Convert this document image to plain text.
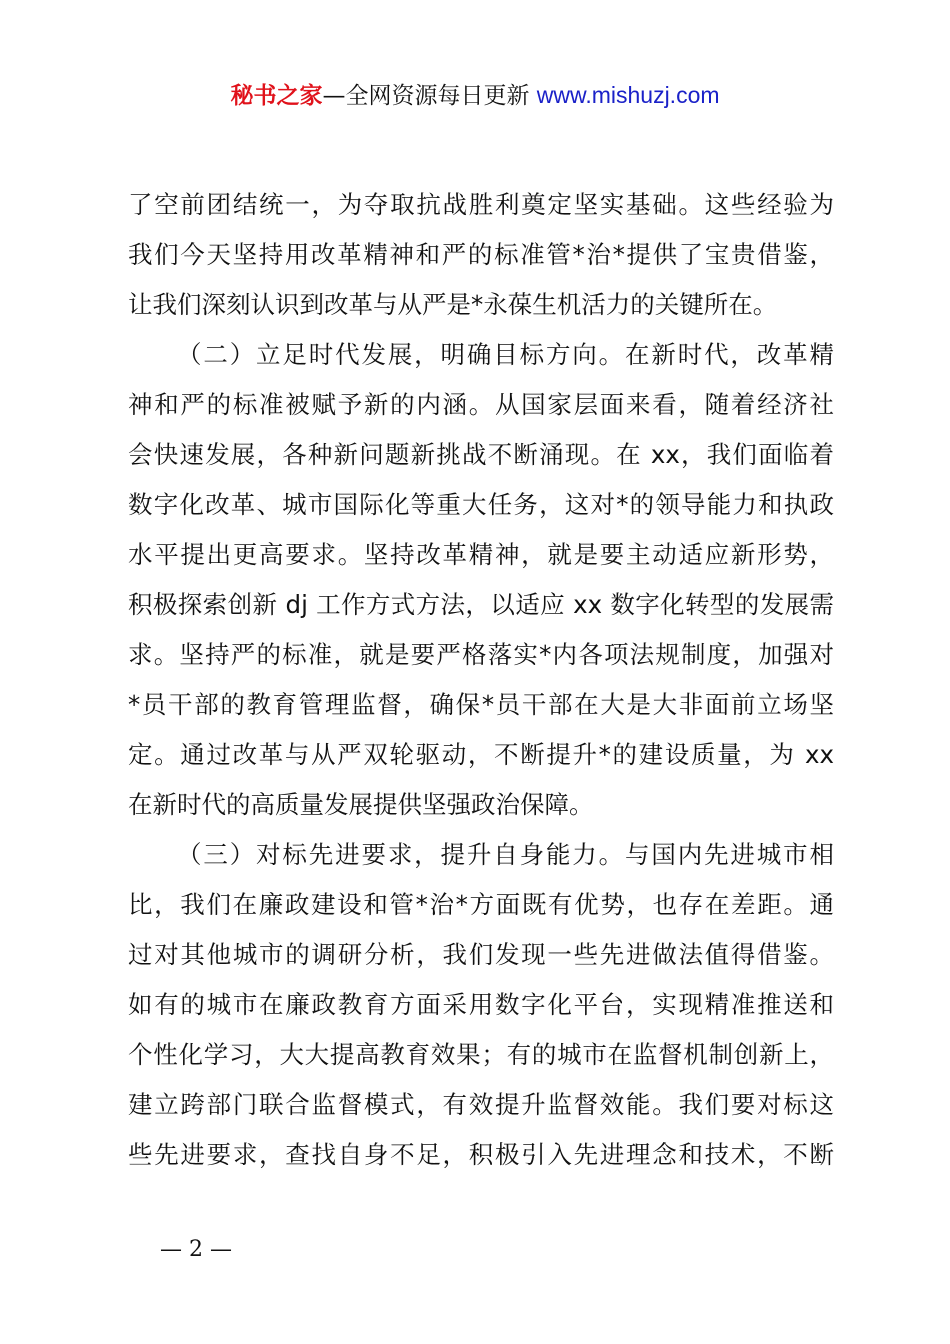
秘书之家—全网资源每日更新 www.mishuzj.com
了空前团结统一，为夺取抗战胜利奠定坚实基础。这些经验为
我们今天坚持用改革精神和严的标准管*治*提供了宝贵借鉴，
让我们深刻认识到改革与从严是*永葆生机活力的关键所在。
（二）立足时代发展，明确目标方向。在新时代，改革精
神和严的标准被赋予新的内涵。从国家层面来看，随着经济社
会快速发展，各种新问题新挑战不断涌现。在 xx，我们面临着
数字化改革、城市国际化等重大任务，这对*的领导能力和执政
水平提出更高要求。坚持改革精神，就是要主动适应新形势，
积极探索创新 dj 工作方式方法，以适应 xx 数字化转型的发展需
求。坚持严的标准，就是要严格落实*内各项法规制度，加强对
*员干部的教育管理监督，确保*员干部在大是大非面前立场坚
定。通过改革与从严双轮驱动，不断提升*的建设质量，为 xx
在新时代的高质量发展提供坚强政治保障。
（三）对标先进要求，提升自身能力。与国内先进城市相
比，我们在廉政建设和管*治*方面既有优势，也存在差距。通
过对其他城市的调研分析，我们发现一些先进做法值得借鉴。
如有的城市在廉政教育方面采用数字化平台，实现精准推送和
个性化学习，大大提高教育效果；有的城市在监督机制创新上，
建立跨部门联合监督模式，有效提升监督效能。我们要对标这
些先进要求，查找自身不足，积极引入先进理念和技术，不断
— 2 —
